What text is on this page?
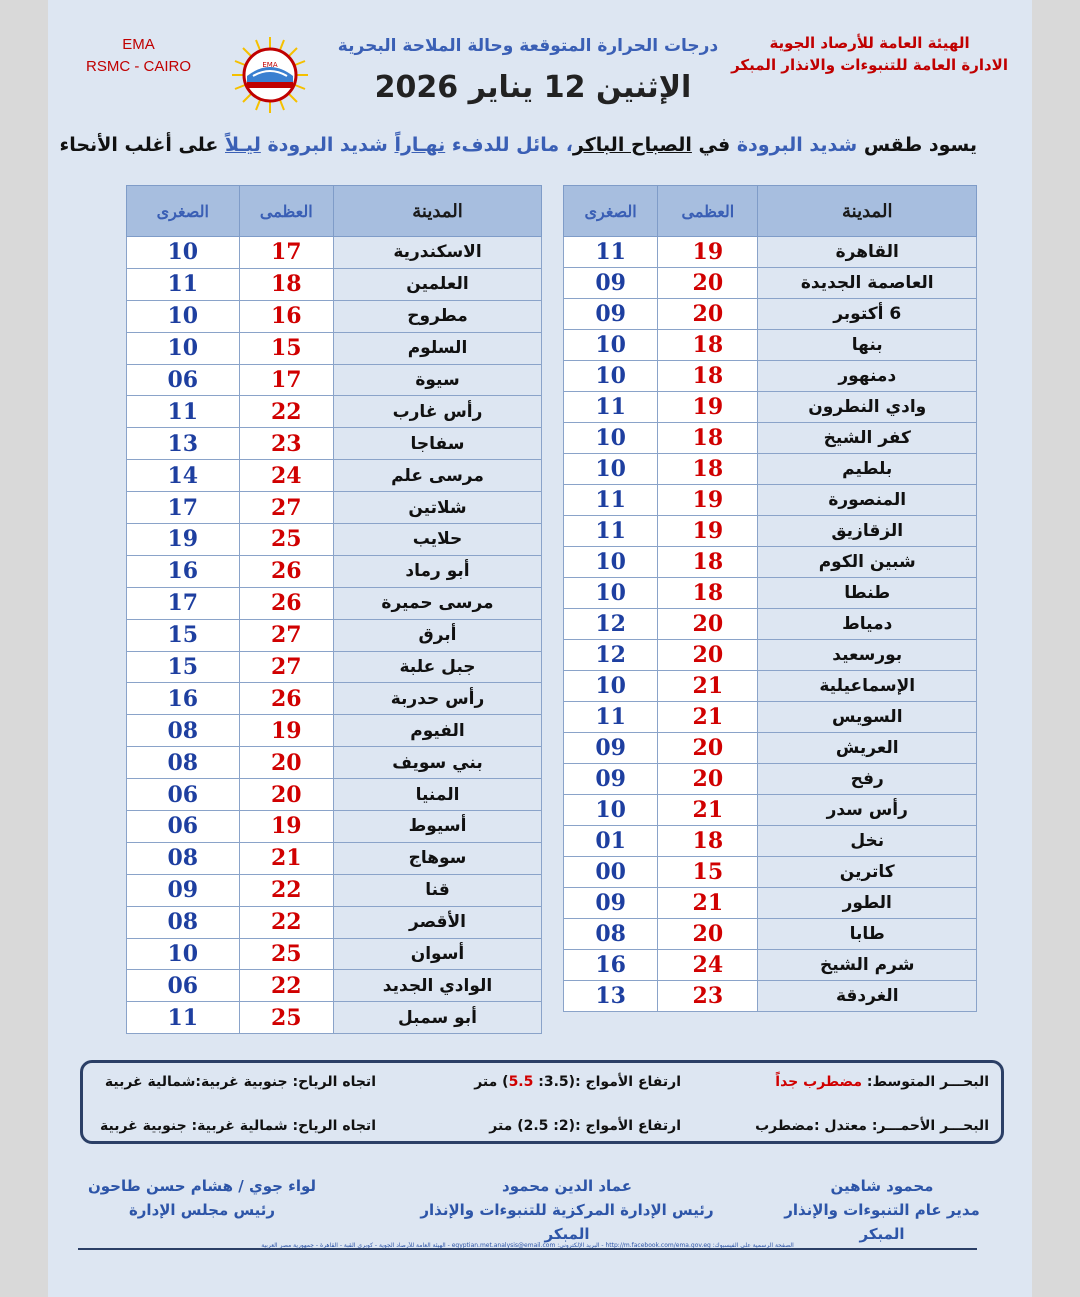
الهيئة العامة للأرصاد الجوية
الادارة العامة للتنبوءات والانذار المبكر
EMA
RSMC - CAIRO	EMA
درجات الحرارة المتوقعة وحالة الملاحة البحرية
الإثنين 12 يناير 2026
يسود طقس شديد البرودة في الصباح الباكر، مائل للدفء نهـاراً شديد البرودة ليـلاً على أغلب الأنحاء
المدينة	العظمى	الصغرى
القاهرة	19	11
العاصمة الجديدة	20	09
6 أكتوبر	20	09
بنها	18	10
دمنهور	18	10
وادي النطرون	19	11
كفر الشيخ	18	10
بلطيم	18	10
المنصورة	19	11
الزقازيق	19	11
شبين الكوم	18	10
طنطا	18	10
دمياط	20	12
بورسعيد	20	12
الإسماعيلية	21	10
السويس	21	11
العريش	20	09
رفح	20	09
رأس سدر	21	10
نخل	18	01
كاترين	15	00
الطور	21	09
طابا	20	08
شرم الشيخ	24	16
الغردقة	23	13
المدينة	العظمى	الصغرى
الاسكندرية	17	10
العلمين	18	11
مطروح	16	10
السلوم	15	10
سيوة	17	06
رأس غارب	22	11
سفاجا	23	13
مرسى علم	24	14
شلاتين	27	17
حلايب	25	19
أبو رماد	26	16
مرسى حميرة	26	17
أبرق	27	15
جبل علبة	27	15
رأس حدربة	26	16
الفيوم	19	08
بني سويف	20	08
المنيا	20	06
أسيوط	19	06
سوهاج	21	08
قنا	22	09
الأقصر	22	08
أسوان	25	10
الوادي الجديد	22	06
أبو سمبل	25	11
البحـــر المتوسط: مضطرب جداً
ارتفاع الأمواج :(3.5: 5.5) متر
اتجاه الرياح: جنوبية غربية:شمالية غربية
البحـــر الأحمـــر: معتدل :مضطرب
ارتفاع الأمواج :(2: 2.5) متر
اتجاه الرياح: شمالية غربية: جنوبية غربية
محمود شاهين
مدير عام التنبوءات والإنذار المبكر
عماد الدين محمود
رئيس الإدارة المركزية للتنبوءات والإنذار المبكر
لواء جوي / هشام حسن طاحون
رئيس مجلس الإدارة
الصفحة الرسمية على الفيسبوك: http://m.facebook.com/ema.gov.eg - البريد الإلكتروني: egyptian.met.analysis@email.com - الهيئة العامة للأرصاد الجوية - كوبري القبة - القاهرة - جمهورية مصر العربية
